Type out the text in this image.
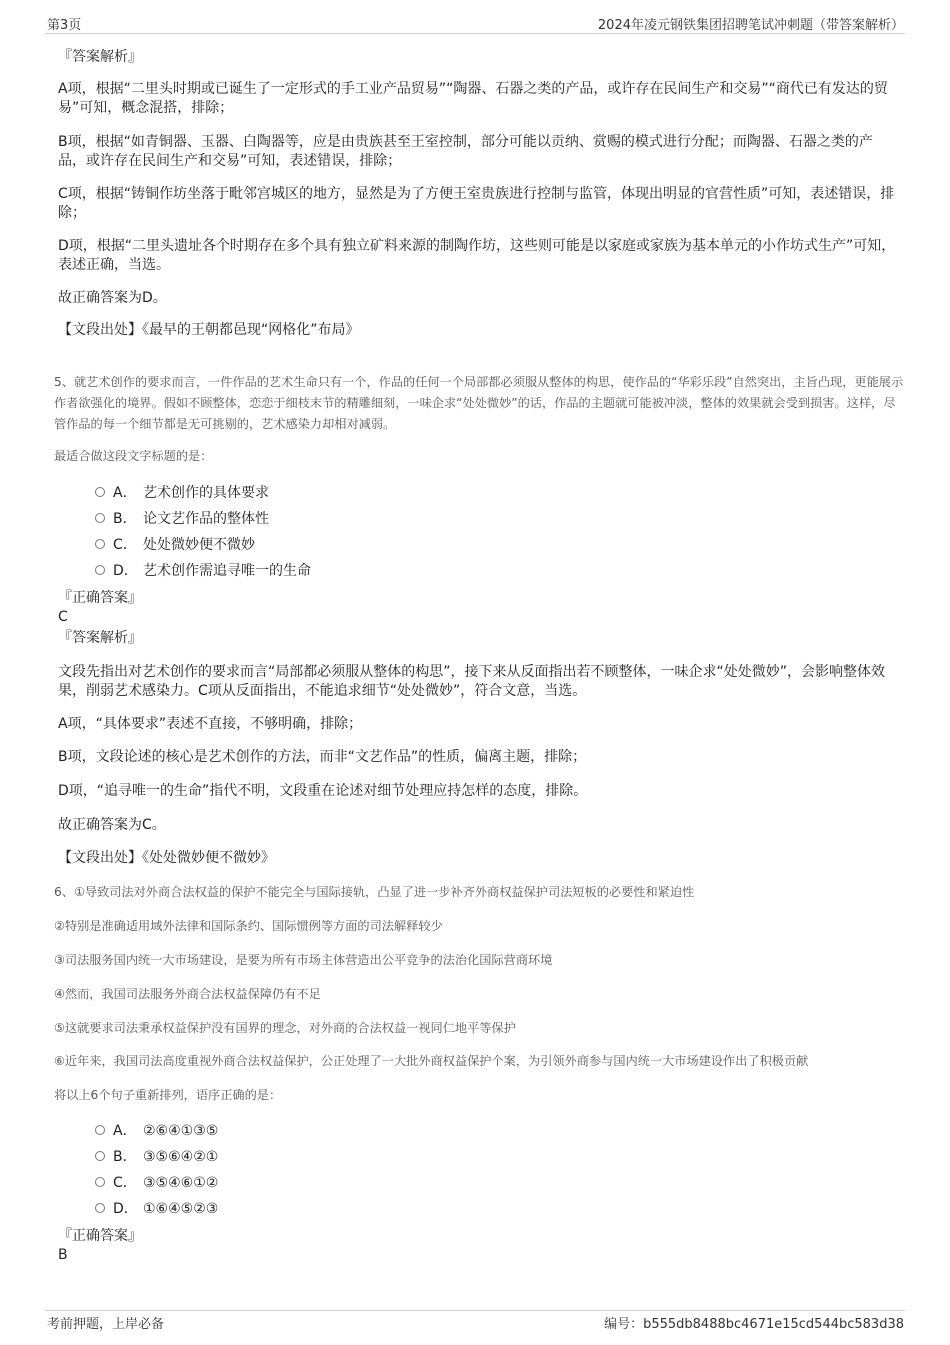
第3页	2024年凌元钢铁集团招聘笔试冲刺题（带答案解析）
『答案解析』
A项，根据“二里头时期或已诞生了一定形式的手工业产品贸易”“陶器、石器之类的产品，或许存在民间生产和交易”“商代已有发达的贸易”可知，概念混搭，排除；
B项，根据“如青铜器、玉器、白陶器等，应是由贵族甚至王室控制，部分可能以贡纳、赏赐的模式进行分配；而陶器、石器之类的产品，或许存在民间生产和交易”可知，表述错误，排除；
C项，根据“铸铜作坊坐落于毗邻宫城区的地方，显然是为了方便王室贵族进行控制与监管，体现出明显的官营性质”可知，表述错误，排除；
D项，根据“二里头遗址各个时期存在多个具有独立矿料来源的制陶作坊，这些则可能是以家庭或家族为基本单元的小作坊式生产”可知，表述正确，当选。
故正确答案为D。
【文段出处】《最早的王朝都邑现“网格化”布局》
5、就艺术创作的要求而言，一件作品的艺术生命只有一个，作品的任何一个局部都必须服从整体的构思，使作品的“华彩乐段”自然突出，主旨凸现，更能展示作者欲强化的境界。假如不顾整体，恋恋于细枝末节的精雕细刻，一味企求“处处微妙”的话，作品的主题就可能被冲淡，整体的效果就会受到损害。这样，尽管作品的每一个细节都是无可挑剔的，艺术感染力却相对减弱。
最适合做这段文字标题的是：
A． 艺术创作的具体要求
B． 论文艺作品的整体性
C． 处处微妙便不微妙
D． 艺术创作需追寻唯一的生命
『正确答案』
C
『答案解析』
文段先指出对艺术创作的要求而言“局部都必须服从整体的构思”，接下来从反面指出若不顾整体，一味企求“处处微妙”，会影响整体效果，削弱艺术感染力。C项从反面指出，不能追求细节“处处微妙”，符合文意，当选。
A项，“具体要求”表述不直接，不够明确，排除；
B项，文段论述的核心是艺术创作的方法，而非“文艺作品”的性质，偏离主题，排除；
D项，“追寻唯一的生命”指代不明，文段重在论述对细节处理应持怎样的态度，排除。
故正确答案为C。
【文段出处】《处处微妙便不微妙》
6、①导致司法对外商合法权益的保护不能完全与国际接轨，凸显了进一步补齐外商权益保护司法短板的必要性和紧迫性
②特别是准确适用域外法律和国际条约、国际惯例等方面的司法解释较少
③司法服务国内统一大市场建设，是要为所有市场主体营造出公平竞争的法治化国际营商环境
④然而，我国司法服务外商合法权益保障仍有不足
⑤这就要求司法秉承权益保护没有国界的理念，对外商的合法权益一视同仁地平等保护
⑥近年来，我国司法高度重视外商合法权益保护，公正处理了一大批外商权益保护个案，为引领外商参与国内统一大市场建设作出了积极贡献
将以上6个句子重新排列，语序正确的是：
A． ②⑥④①③⑤
B． ③⑤⑥④②①
C． ③⑤④⑥①②
D． ①⑥④⑤②③
『正确答案』
B
考前押题，上岸必备	编号：b555db8488bc4671e15cd544bc583d38
